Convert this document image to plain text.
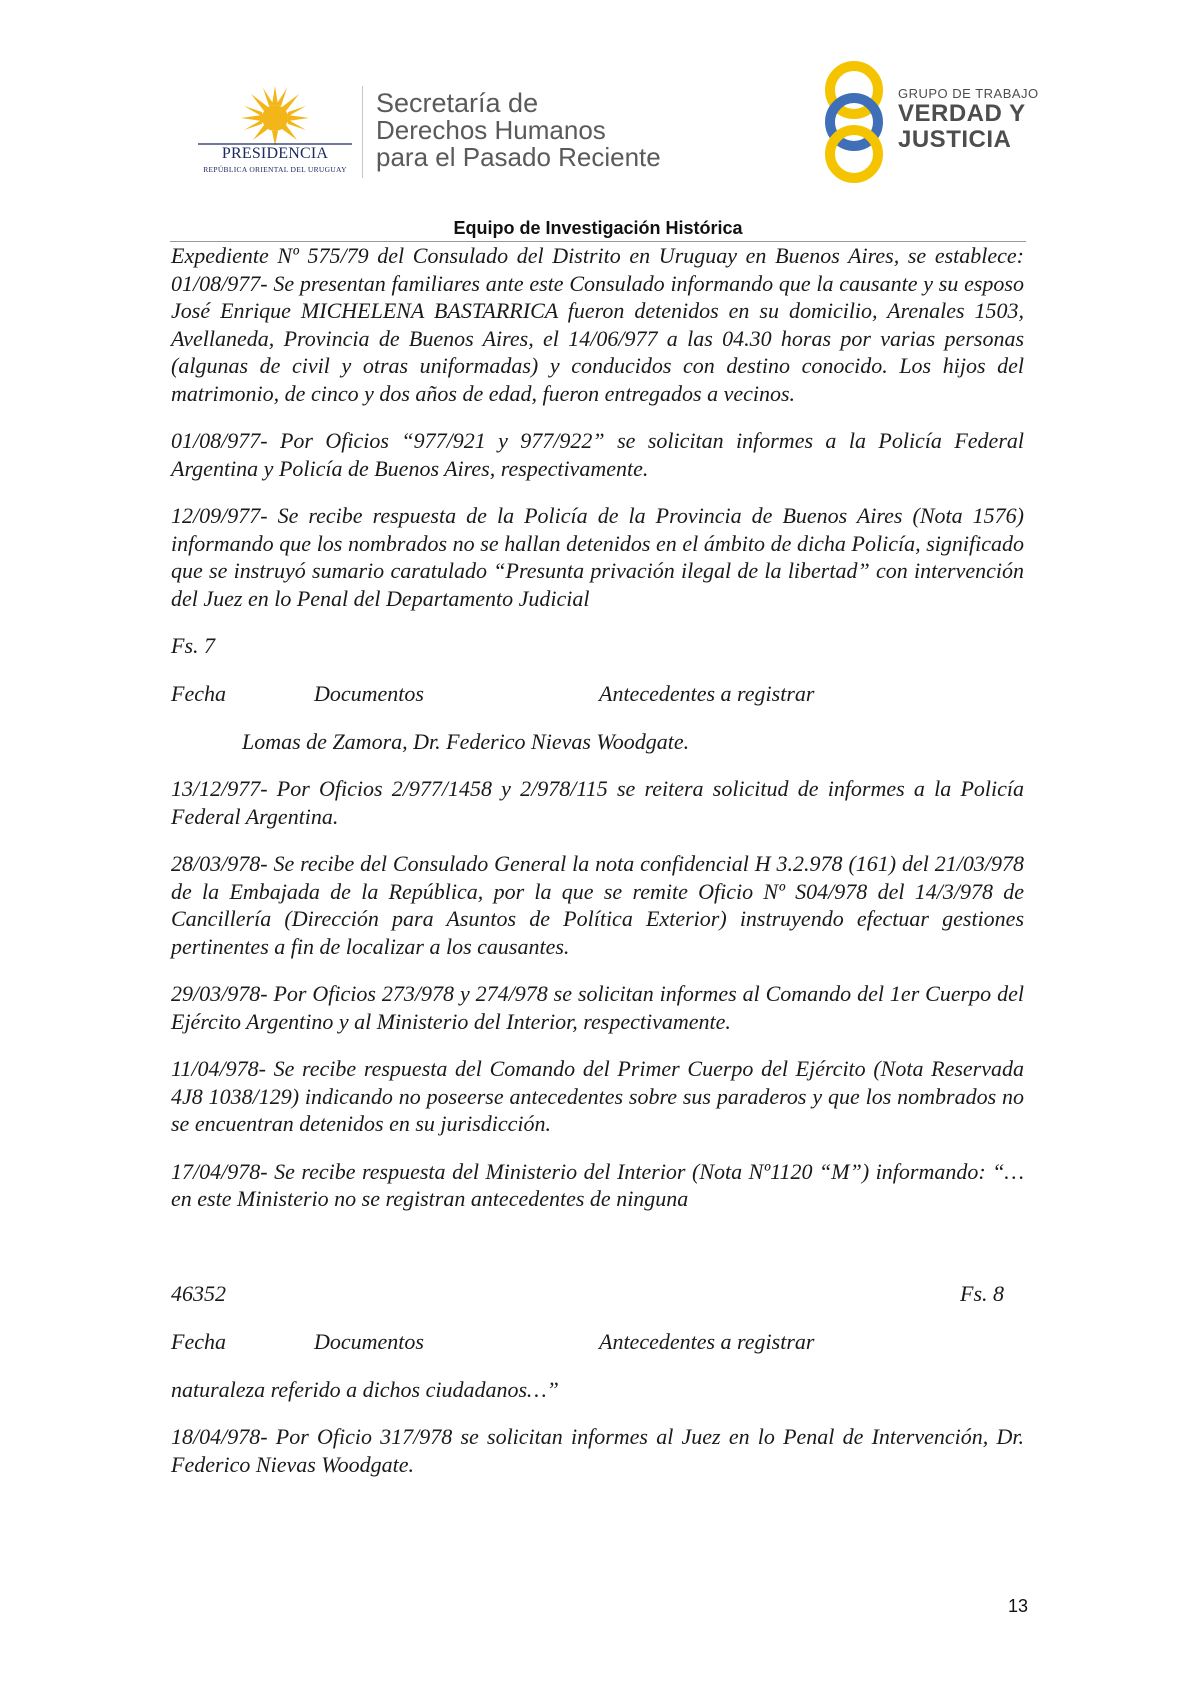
PRESIDENCIA
REPÚBLICA ORIENTAL DEL URUGUAY
Secretaría de
Derechos Humanos
para el Pasado Reciente
GRUPO DE TRABAJO
VERDAD Y
JUSTICIA
Equipo de Investigación Histórica

Expediente Nº 575/79 del Consulado del Distrito en Uruguay en Buenos Aires, se establece: 01/08/977- Se presentan familiares ante este Consulado informando que la causante y su esposo José Enrique MICHELENA BASTARRICA fueron detenidos en su domicilio, Arenales 1503, Avellaneda, Provincia de Buenos Aires, el 14/06/977 a las 04.30 horas por varias personas (algunas de civil y otras uniformadas) y conducidos con destino conocido. Los hijos del matrimonio, de cinco y dos años de edad, fueron entregados a vecinos.

01/08/977- Por Oficios “977/921 y 977/922” se solicitan informes a la Policía Federal Argentina y Policía de Buenos Aires, respectivamente.

12/09/977- Se recibe respuesta de la Policía de la Provincia de Buenos Aires (Nota 1576) informando que los nombrados no se hallan detenidos en el ámbito de dicha Policía, significado que se instruyó sumario caratulado “Presunta privación ilegal de la libertad” con intervención del Juez en lo Penal del Departamento Judicial

Fs. 7

Fecha	Documentos	Antecedentes a registrar

Lomas de Zamora, Dr. Federico Nievas Woodgate.

13/12/977- Por Oficios 2/977/1458 y 2/978/115 se reitera solicitud de informes a la Policía Federal Argentina.

28/03/978- Se recibe del Consulado General la nota confidencial H 3.2.978 (161) del 21/03/978 de la Embajada de la República, por la que se remite Oficio Nº S04/978 del 14/3/978 de Cancillería (Dirección para Asuntos de Política Exterior) instruyendo efectuar gestiones pertinentes a fin de localizar a los causantes.

29/03/978- Por Oficios 273/978 y 274/978 se solicitan informes al Comando del 1er Cuerpo del Ejército Argentino y al Ministerio del Interior, respectivamente.

11/04/978- Se recibe respuesta del Comando del Primer Cuerpo del Ejército (Nota Reservada 4J8 1038/129) indicando no poseerse antecedentes sobre sus paraderos y que los nombrados no se encuentran detenidos en su jurisdicción.

17/04/978- Se recibe respuesta del Ministerio del Interior (Nota Nº1120 “M”) informando: “… en este Ministerio no se registran antecedentes de ninguna

46352	Fs. 8
Fecha	Documentos	Antecedentes a registrar

naturaleza referido a dichos ciudadanos…”

18/04/978- Por Oficio 317/978 se solicitan informes al Juez en lo Penal de Intervención, Dr. Federico Nievas Woodgate.

13
